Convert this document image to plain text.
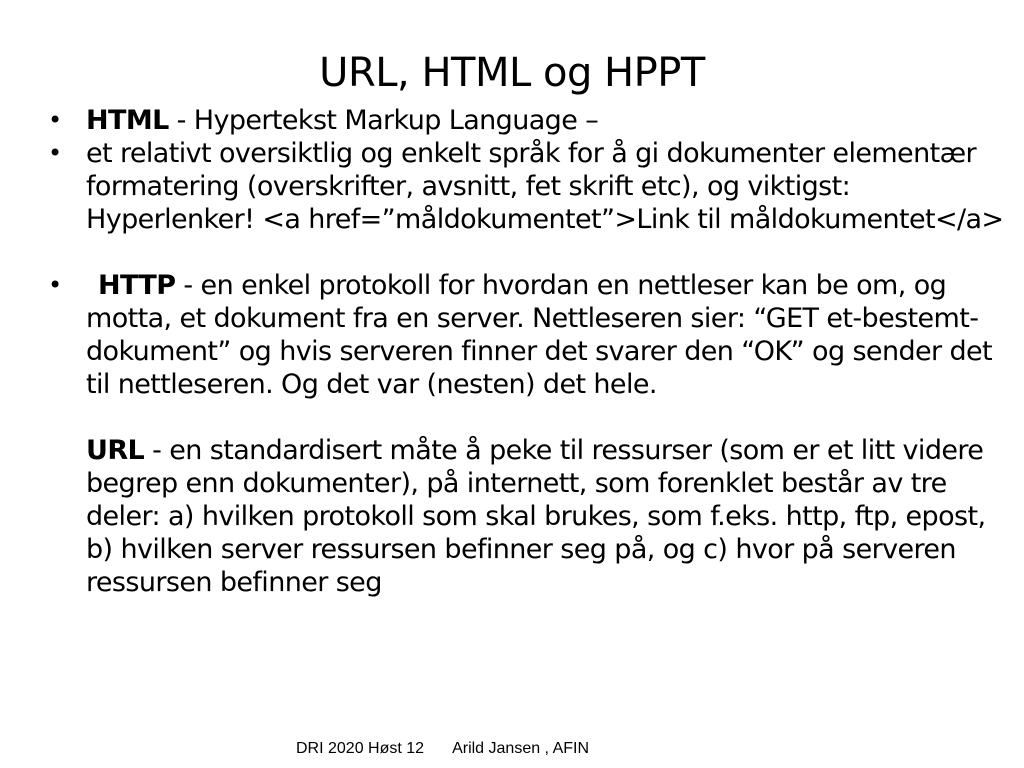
URL, HTML og HPPT
• HTML - Hypertekst Markup Language –
• et relativt oversiktlig og enkelt språk for å gi dokumenter elementær formatering (overskrifter, avsnitt, fet skrift etc), og viktigst: Hyperlenker! <a href=”måldokumentet”>Link til måldokumentet</a>
• HTTP - en enkel protokoll for hvordan en nettleser kan be om, og motta, et dokument fra en server. Nettleseren sier: “GET et-bestemt-dokument” og hvis serveren finner det svarer den “OK” og sender det til nettleseren. Og det var (nesten) det hele.
URL - en standardisert måte å peke til ressurser (som er et litt videre begrep enn dokumenter), på internett, som forenklet består av tre deler: a) hvilken protokoll som skal brukes, som f.eks. http, ftp, epost, b) hvilken server ressursen befinner seg på, og c) hvor på serveren ressursen befinner seg
DRI 2020 Høst 12 Arild Jansen , AFIN
